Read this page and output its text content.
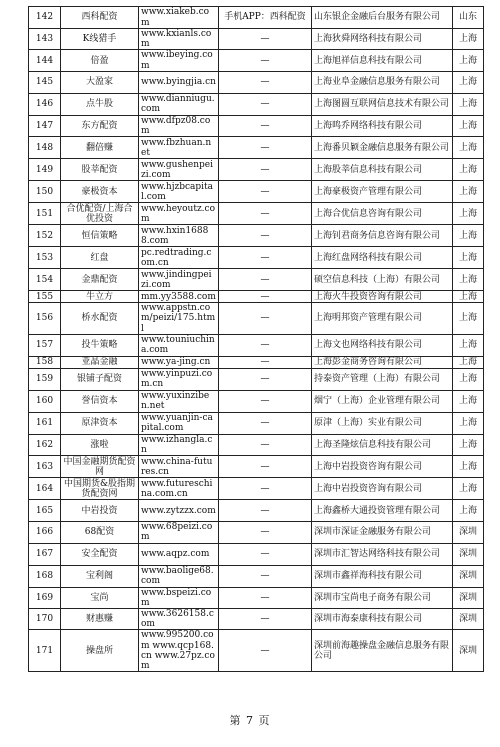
142	西科配资	www.xiakeb.com	手机APP：西科配资	山东银企金融后台服务有限公司	山东
143	K线猎手	www.kxianls.com	—	上海狄舜网络科技有限公司	上海
144	倍盈	www.ibeying.com	—	上海旭祥信息科技有限公司	上海
145	大盈家	www.byingjia.cn	—	上海业阜金融信息服务有限公司	上海
146	点牛股	www.dianniugu.com	—	上海图圆互联网信息技术有限公司	上海
147	东方配资	www.dfpz08.com	—	上海鸣乔网络科技有限公司	上海
148	翻倍赚	www.fbzhuan.net	—	上海番贝颖金融信息服务有限公司	上海
149	股莘配资	www.gushenpeizi.com	—	上海股莘信息科技有限公司	上海
150	豪极资本	www.hjzbcapital.com	—	上海豪极资产管理有限公司	上海
151	合优配资/上海合优投资	www.heyoutz.com	—	上海合优信息咨询有限公司	上海
152	恒信策略	www.hxin16888.com	—	上海钊君商务信息咨询有限公司	上海
153	红盘	pc.redtrading.com.cn	—	上海红盘网络科技有限公司	上海
154	金鼎配资	www.jindingpeizi.com	—	硕空信息科技（上海）有限公司	上海
155	牛立方	mm.yy3588.com	—	上海火牛投资咨询有限公司	上海
156	桥水配资	www.appstn.com/peizi/175.html	—	上海明邦资产管理有限公司	上海
157	投牛策略	www.touniuchina.com	—	上海文也网络科技有限公司	上海
158	亚晶金融	www.ya-jing.cn	—	上海彭金商务咨询有限公司	上海
159	银铺子配资	www.yinpuzi.com.cn	—	持泰资产管理（上海）有限公司	上海
160	誉信资本	www.yuxinziben.net	—	烟宁（上海）企业管理有限公司	上海
161	原津资本	www.yuanjin-capital.com	—	原津（上海）实业有限公司	上海
162	涨啦	www.izhangla.cn	—	上海圣隆炫信息科技有限公司	上海
163	中国金融期货配资网	www.china-futures.cn	—	上海中岩投资咨询有限公司	上海
164	中国期货&股指期货配资网	www.futureschina.com.cn	—	上海中岩投资咨询有限公司	上海
165	中岩投资	www.zytzzx.com	—	上海鑫桥大通投资管理有限公司	上海
166	68配资	www.68peizi.com	—	深圳市深证金融服务有限公司	深圳
167	安全配资	www.aqpz.com	—	深圳市汇智达网络科技有限公司	深圳
168	宝利阁	www.baolige68.com	—	深圳市鑫祥海科技有限公司	深圳
169	宝尚	www.bspeizi.com	—	深圳市宝尚电子商务有限公司	深圳
170	财惠赚	www.3626158.com	—	深圳市海泰康科技有限公司	深圳
171	操盘所	www.995200.com www.qcp168.cn www.27pz.com	—	深圳前海趣操盘金融信息服务有限公司	深圳
第 7 页
